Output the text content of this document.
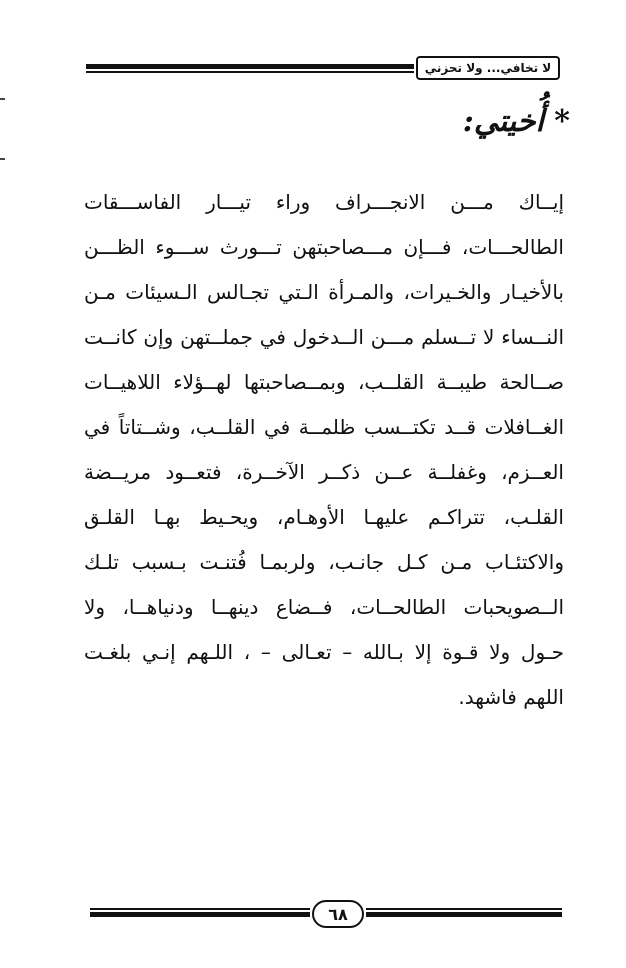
لا تخافي... ولا تحزني
* أُخيتي:
إيــاك مـــن الانجـــراف وراء تيـــار الفاســـقات
الطالحـــات، فـــإن مـــصاحبتهن تـــورث ســـوء الظـــن
بالأخيـار والخـيرات، والمـرأة الـتي تجـالس الـسيئات مـن
النــساء لا تــسلم مـــن الــدخول في جملــتهن وإن كانــت
صــالحة طيبــة القلــب، وبمــصاحبتها لهــؤلاء اللاهيــات
الغــافلات قــد تكتــسب ظلمــة في القلــب، وشــتاتاً في
العــزم، وغفلــة عــن ذكــر الآخــرة، فتعــود مريــضة
القلـب، تتراكـم عليهـا الأوهـام، ويحـيط بهـا القلـق
والاكتئـاب مـن كـل جانـب، ولربمـا فُتنـت بـسبب تلـك
الــصويحبات الطالحــات، فــضاع دينهــا ودنياهــا، ولا
حـول ولا قـوة إلا بـالله – تعـالى – ، اللـهم إنـي بلغـت
اللهم فاشهد.
٦٨
